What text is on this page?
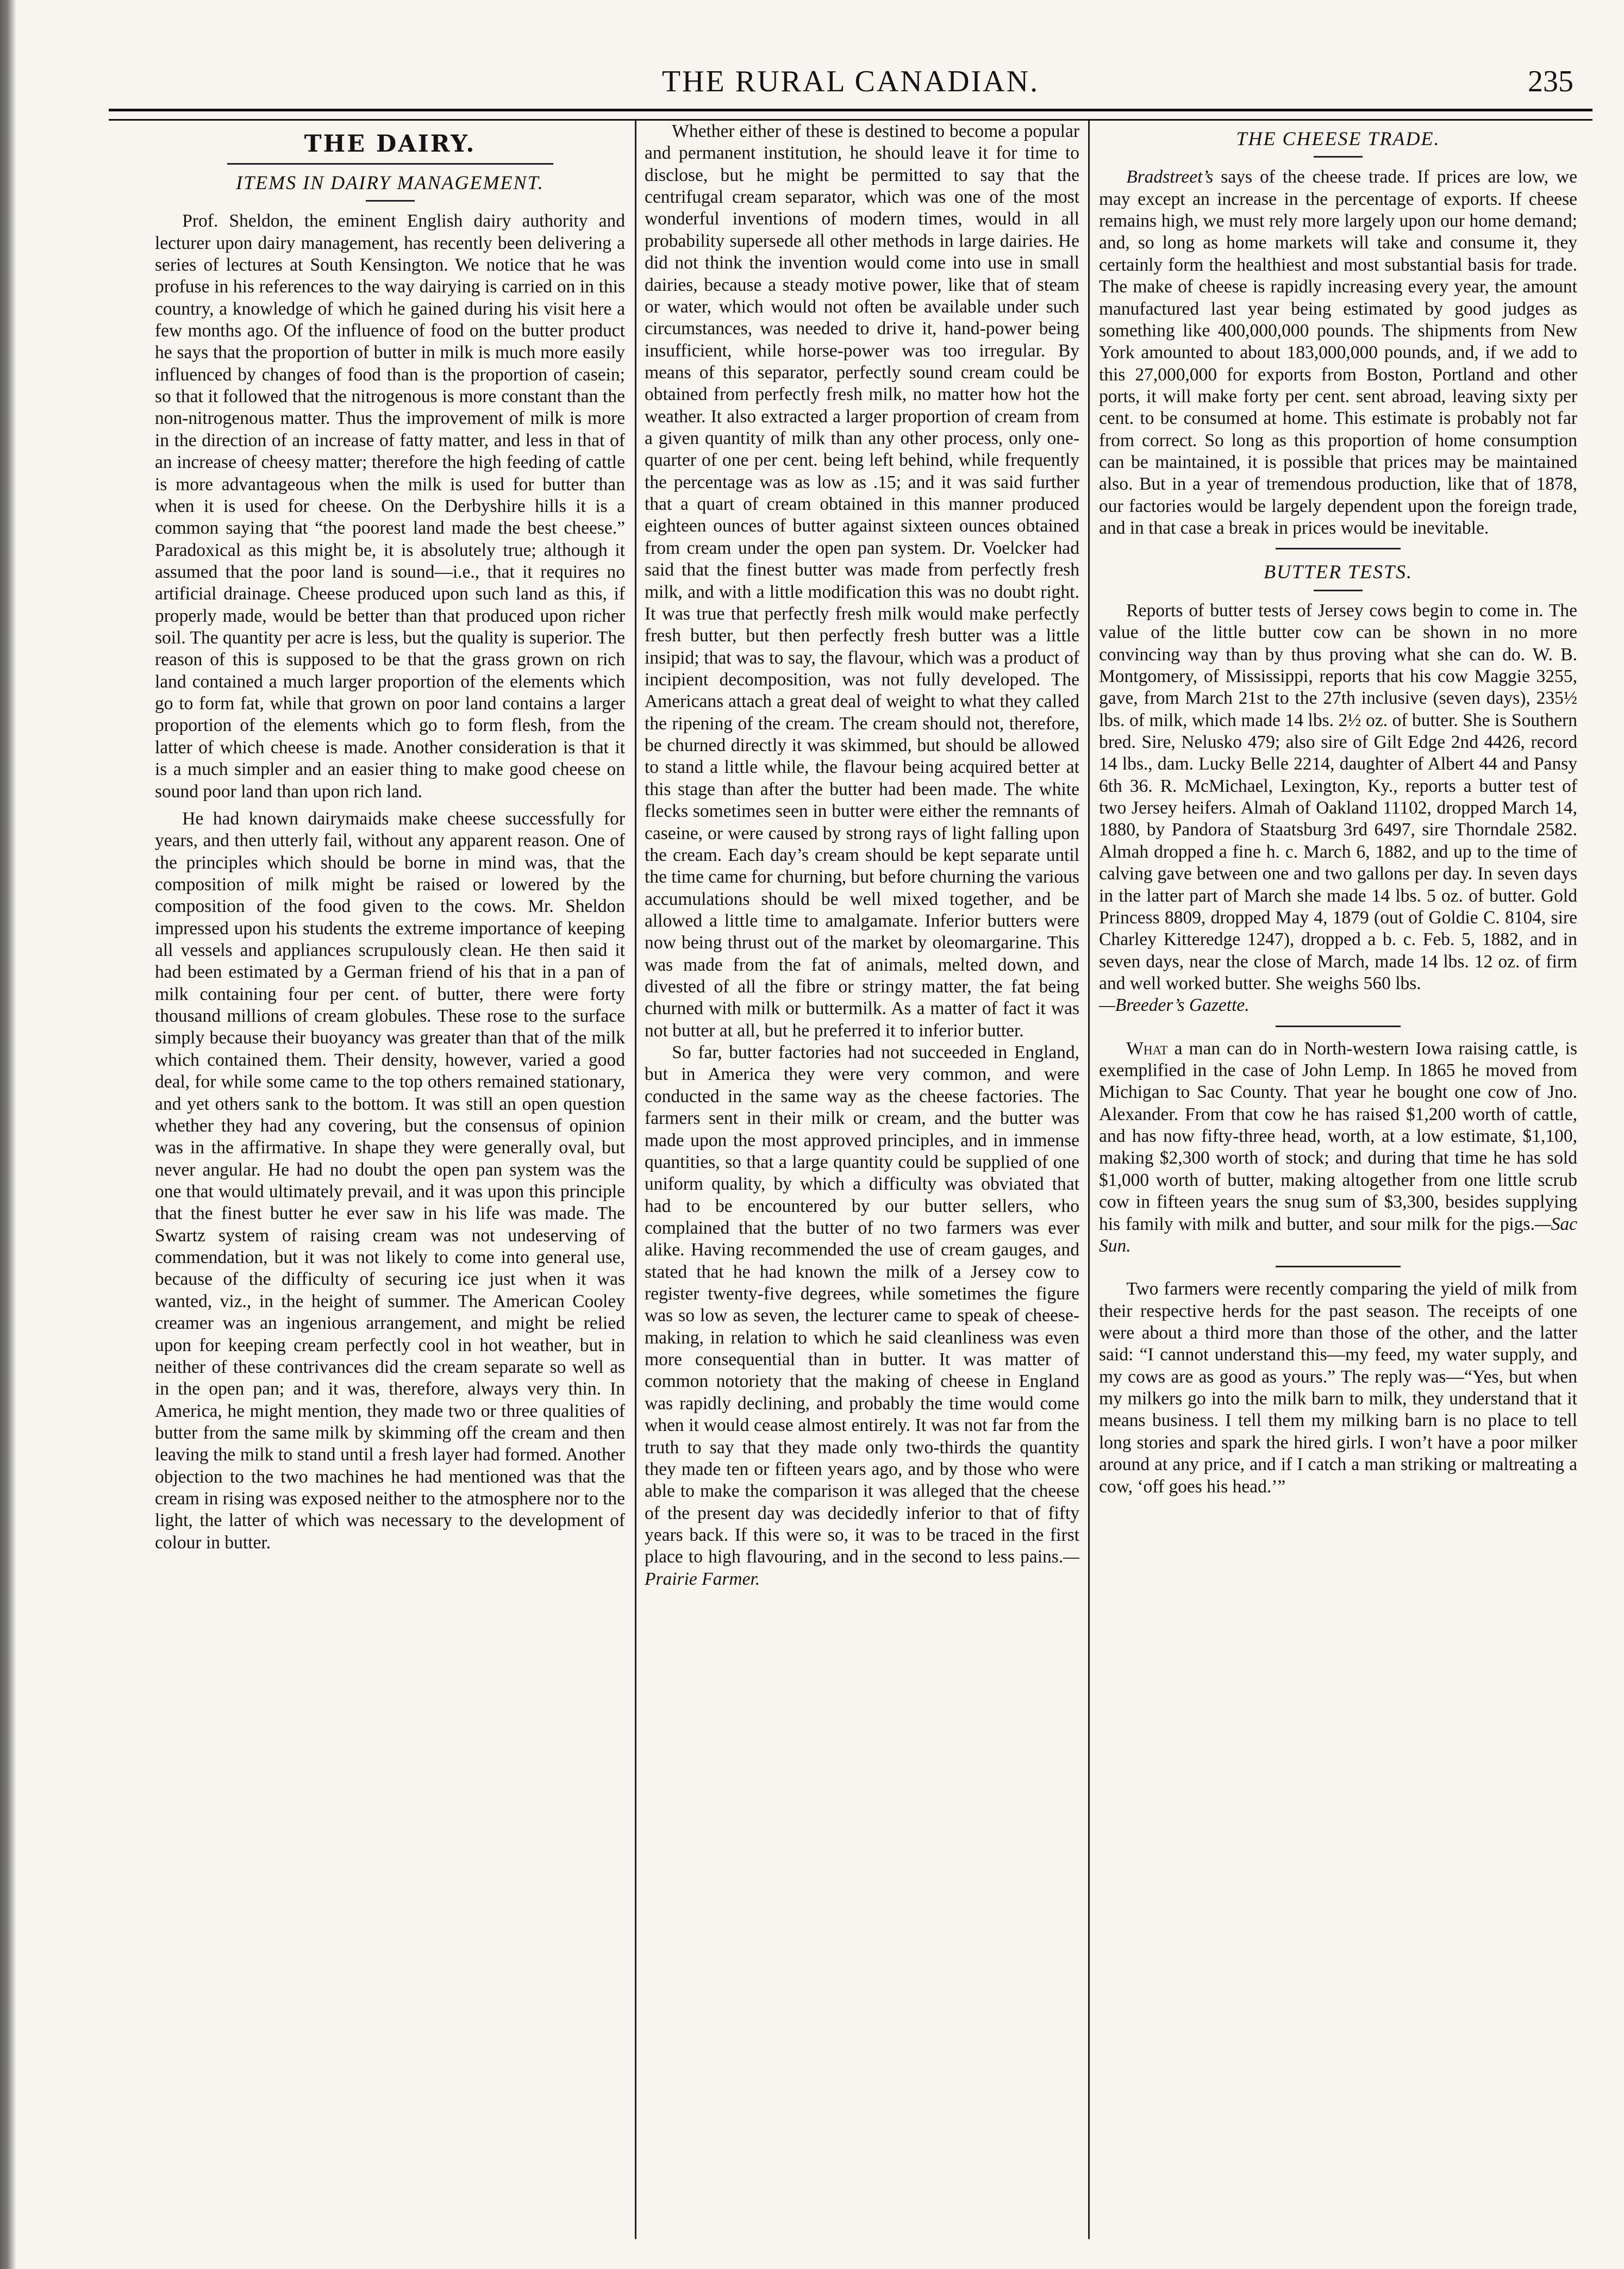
THE RURAL CANADIAN.	235
THE DAIRY.
ITEMS IN DAIRY MANAGEMENT.

Prof. Sheldon, the eminent English dairy authority and lecturer upon dairy management, has recently been delivering a series of lectures at South Kensington. We notice that he was profuse in his references to the way dairying is carried on in this country, a knowledge of which he gained during his visit here a few months ago. Of the influence of food on the butter product he says that the proportion of butter in milk is much more easily influenced by changes of food than is the proportion of casein; so that it followed that the nitrogenous is more constant than the non-nitrogenous matter. Thus the improvement of milk is more in the direction of an increase of fatty matter, and less in that of an increase of cheesy matter; therefore the high feeding of cattle is more advantageous when the milk is used for butter than when it is used for cheese. On the Derbyshire hills it is a common saying that “the poorest land made the best cheese.” Paradoxical as this might be, it is absolutely true; although it assumed that the poor land is sound—i.e., that it requires no artificial drainage. Cheese produced upon such land as this, if properly made, would be better than that produced upon richer soil. The quantity per acre is less, but the quality is superior. The reason of this is supposed to be that the grass grown on rich land contained a much larger proportion of the elements which go to form fat, while that grown on poor land contains a larger proportion of the elements which go to form flesh, from the latter of which cheese is made. Another consideration is that it is a much simpler and an easier thing to make good cheese on sound poor land than upon rich land.

He had known dairymaids make cheese successfully for years, and then utterly fail, without any apparent reason. One of the principles which should be borne in mind was, that the composition of milk might be raised or lowered by the composition of the food given to the cows. Mr. Sheldon impressed upon his students the extreme importance of keeping all vessels and appliances scrupulously clean. He then said it had been estimated by a German friend of his that in a pan of milk containing four per cent. of butter, there were forty thousand millions of cream globules. These rose to the surface simply because their buoyancy was greater than that of the milk which contained them. Their density, however, varied a good deal, for while some came to the top others remained stationary, and yet others sank to the bottom. It was still an open question whether they had any covering, but the consensus of opinion was in the affirmative. In shape they were generally oval, but never angular. He had no doubt the open pan system was the one that would ultimately prevail, and it was upon this principle that the finest butter he ever saw in his life was made. The Swartz system of raising cream was not undeserving of commendation, but it was not likely to come into general use, because of the difficulty of securing ice just when it was wanted, viz., in the height of summer. The American Cooley creamer was an ingenious arrangement, and might be relied upon for keeping cream perfectly cool in hot weather, but in neither of these contrivances did the cream separate so well as in the open pan; and it was, therefore, always very thin. In America, he might mention, they made two or three qualities of butter from the same milk by skimming off the cream and then leaving the milk to stand until a fresh layer had formed. Another objection to the two machines he had mentioned was that the cream in rising was exposed neither to the atmosphere nor to the light, the latter of which was necessary to the development of colour in butter.

Whether either of these is destined to become a popular and permanent institution, he should leave it for time to disclose, but he might be permitted to say that the centrifugal cream separator, which was one of the most wonderful inventions of modern times, would in all probability supersede all other methods in large dairies. He did not think the invention would come into use in small dairies, because a steady motive power, like that of steam or water, which would not often be available under such circumstances, was needed to drive it, hand-power being insufficient, while horse-power was too irregular. By means of this separator, perfectly sound cream could be obtained from perfectly fresh milk, no matter how hot the weather. It also extracted a larger proportion of cream from a given quantity of milk than any other process, only one-quarter of one per cent. being left behind, while frequently the percentage was as low as .15; and it was said further that a quart of cream obtained in this manner produced eighteen ounces of butter against sixteen ounces obtained from cream under the open pan system. Dr. Voelcker had said that the finest butter was made from perfectly fresh milk, and with a little modification this was no doubt right. It was true that perfectly fresh milk would make perfectly fresh butter, but then perfectly fresh butter was a little insipid; that was to say, the flavour, which was a product of incipient decomposition, was not fully developed. The Americans attach a great deal of weight to what they called the ripening of the cream. The cream should not, therefore, be churned directly it was skimmed, but should be allowed to stand a little while, the flavour being acquired better at this stage than after the butter had been made. The white flecks sometimes seen in butter were either the remnants of caseine, or were caused by strong rays of light falling upon the cream. Each day’s cream should be kept separate until the time came for churning, but before churning the various accumulations should be well mixed together, and be allowed a little time to amalgamate. Inferior butters were now being thrust out of the market by oleomargarine. This was made from the fat of animals, melted down, and divested of all the fibre or stringy matter, the fat being churned with milk or buttermilk. As a matter of fact it was not butter at all, but he preferred it to inferior butter.

So far, butter factories had not succeeded in England, but in America they were very common, and were conducted in the same way as the cheese factories. The farmers sent in their milk or cream, and the butter was made upon the most approved principles, and in immense quantities, so that a large quantity could be supplied of one uniform quality, by which a difficulty was obviated that had to be encountered by our butter sellers, who complained that the butter of no two farmers was ever alike. Having recommended the use of cream gauges, and stated that he had known the milk of a Jersey cow to register twenty-five degrees, while sometimes the figure was so low as seven, the lecturer came to speak of cheese-making, in relation to which he said cleanliness was even more consequential than in butter. It was matter of common notoriety that the making of cheese in England was rapidly declining, and probably the time would come when it would cease almost entirely. It was not far from the truth to say that they made only two-thirds the quantity they made ten or fifteen years ago, and by those who were able to make the comparison it was alleged that the cheese of the present day was decidedly inferior to that of fifty years back. If this were so, it was to be traced in the first place to high flavouring, and in the second to less pains.—Prairie Farmer.

THE CHEESE TRADE.

Bradstreet’s says of the cheese trade. If prices are low, we may except an increase in the percentage of exports. If cheese remains high, we must rely more largely upon our home demand; and, so long as home markets will take and consume it, they certainly form the healthiest and most substantial basis for trade. The make of cheese is rapidly increasing every year, the amount manufactured last year being estimated by good judges as something like 400,000,000 pounds. The shipments from New York amounted to about 183,000,000 pounds, and, if we add to this 27,000,000 for exports from Boston, Portland and other ports, it will make forty per cent. sent abroad, leaving sixty per cent. to be consumed at home. This estimate is probably not far from correct. So long as this proportion of home consumption can be maintained, it is possible that prices may be maintained also. But in a year of tremendous production, like that of 1878, our factories would be largely dependent upon the foreign trade, and in that case a break in prices would be inevitable.

BUTTER TESTS.

Reports of butter tests of Jersey cows begin to come in. The value of the little butter cow can be shown in no more convincing way than by thus proving what she can do. W. B. Montgomery, of Mississippi, reports that his cow Maggie 3255, gave, from March 21st to the 27th inclusive (seven days), 235½ lbs. of milk, which made 14 lbs. 2½ oz. of butter. She is Southern bred. Sire, Nelusko 479; also sire of Gilt Edge 2nd 4426, record 14 lbs., dam. Lucky Belle 2214, daughter of Albert 44 and Pansy 6th 36. R. McMichael, Lexington, Ky., reports a butter test of two Jersey heifers. Almah of Oakland 11102, dropped March 14, 1880, by Pandora of Staatsburg 3rd 6497, sire Thorndale 2582. Almah dropped a fine h. c. March 6, 1882, and up to the time of calving gave between one and two gallons per day. In seven days in the latter part of March she made 14 lbs. 5 oz. of butter. Gold Princess 8809, dropped May 4, 1879 (out of Goldie C. 8104, sire Charley Kitteredge 1247), dropped a b. c. Feb. 5, 1882, and in seven days, near the close of March, made 14 lbs. 12 oz. of firm and well worked butter. She weighs 560 lbs.

—Breeder’s Gazette.

What a man can do in North-western Iowa raising cattle, is exemplified in the case of John Lemp. In 1865 he moved from Michigan to Sac County. That year he bought one cow of Jno. Alexander. From that cow he has raised $1,200 worth of cattle, and has now fifty-three head, worth, at a low estimate, $1,100, making $2,300 worth of stock; and during that time he has sold $1,000 worth of butter, making altogether from one little scrub cow in fifteen years the snug sum of $3,300, besides supplying his family with milk and butter, and sour milk for the pigs.—Sac Sun.

Two farmers were recently comparing the yield of milk from their respective herds for the past season. The receipts of one were about a third more than those of the other, and the latter said: “I cannot understand this—my feed, my water supply, and my cows are as good as yours.” The reply was—“Yes, but when my milkers go into the milk barn to milk, they understand that it means business. I tell them my milking barn is no place to tell long stories and spark the hired girls. I won’t have a poor milker around at any price, and if I catch a man striking or maltreating a cow, ‘off goes his head.’”
